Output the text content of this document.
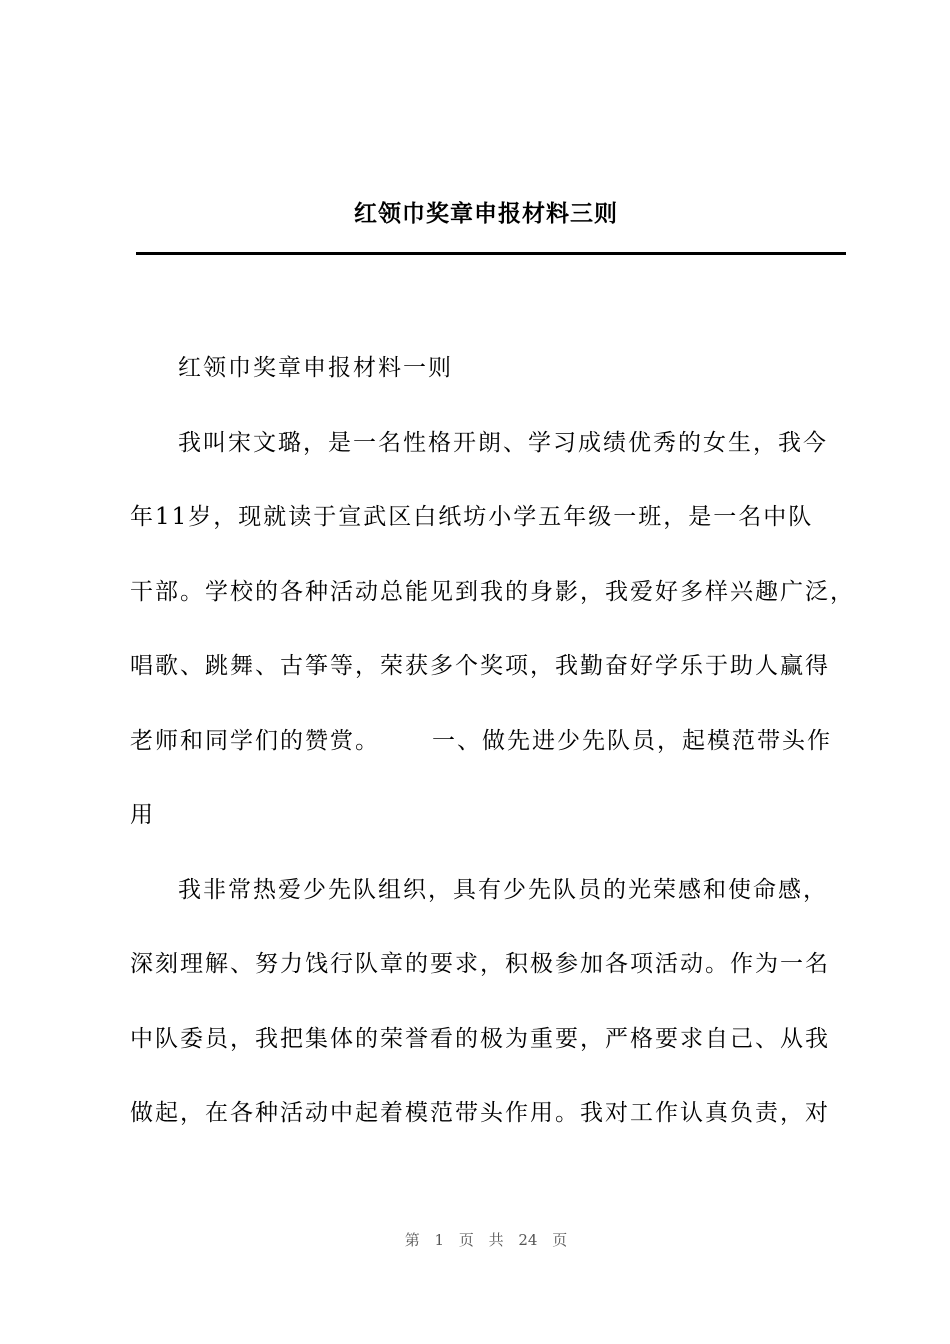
红领巾奖章申报材料三则
红领巾奖章申报材料一则
我叫宋文璐，是一名性格开朗、学习成绩优秀的女生，我今
年11岁，现就读于宣武区白纸坊小学五年级一班，是一名中队
干部。学校的各种活动总能见到我的身影，我爱好多样兴趣广泛，
唱歌、跳舞、古筝等，荣获多个奖项，我勤奋好学乐于助人赢得
老师和同学们的赞赏。 一、做先进少先队员，起模范带头作
用
我非常热爱少先队组织，具有少先队员的光荣感和使命感，
深刻理解、努力饯行队章的要求，积极参加各项活动。作为一名
中队委员，我把集体的荣誉看的极为重要，严格要求自己、从我
做起，在各种活动中起着模范带头作用。我对工作认真负责，对
第 1 页 共 24 页
